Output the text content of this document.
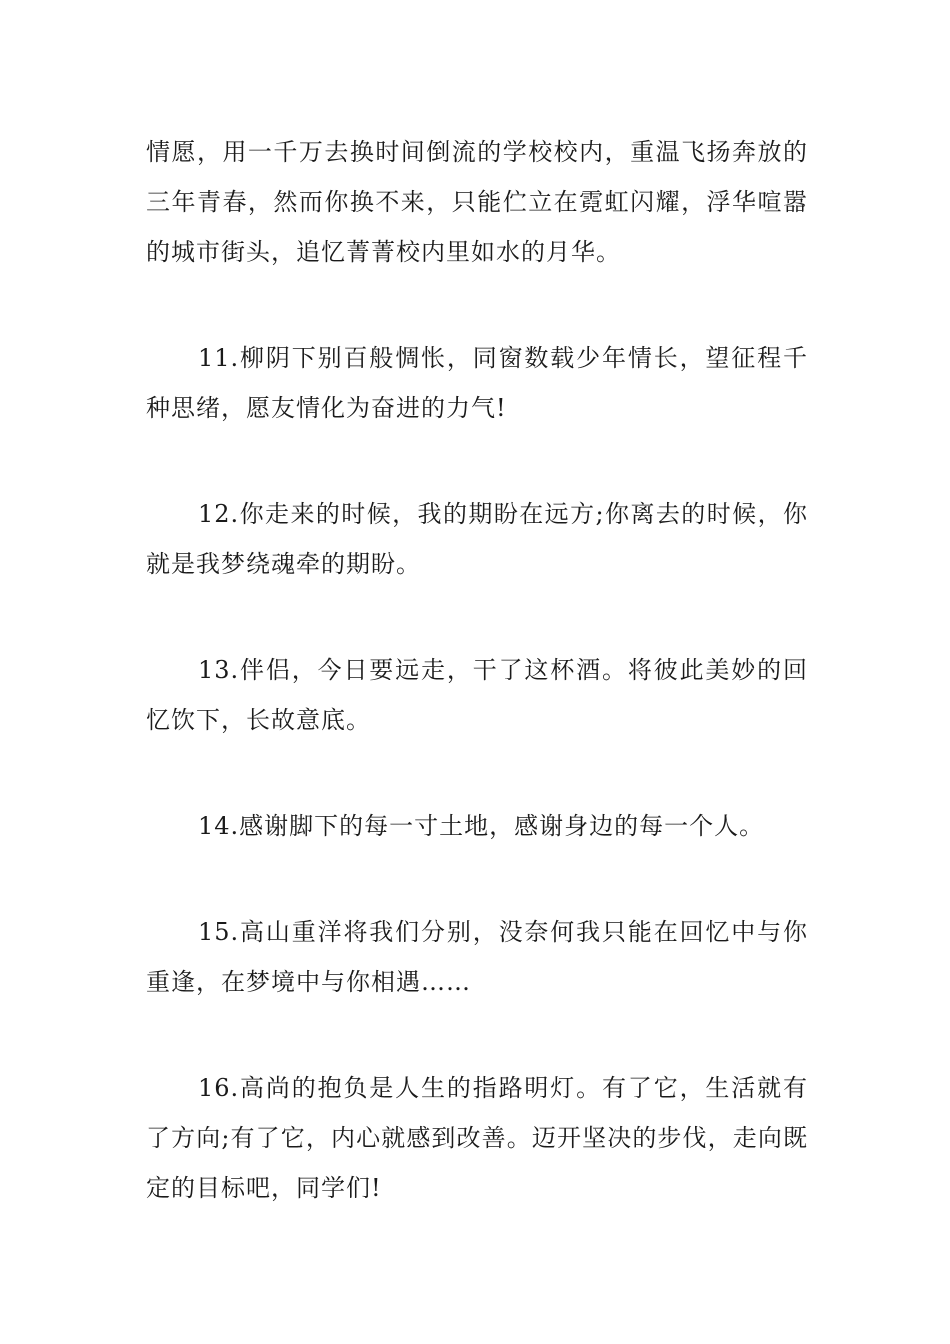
情愿，用一千万去换时间倒流的学校校内，重温飞扬奔放的三年青春，然而你换不来，只能伫立在霓虹闪耀，浮华喧嚣的城市街头，追忆菁菁校内里如水的月华。

11.柳阴下别百般惆怅，同窗数载少年情长，望征程千种思绪，愿友情化为奋进的力气!

12.你走来的时候，我的期盼在远方;你离去的时候，你就是我梦绕魂牵的期盼。

13.伴侣，今日要远走，干了这杯酒。将彼此美妙的回忆饮下，长故意底。

14.感谢脚下的每一寸土地，感谢身边的每一个人。

15.高山重洋将我们分别，没奈何我只能在回忆中与你重逢，在梦境中与你相遇……

16.高尚的抱负是人生的指路明灯。有了它，生活就有了方向;有了它，内心就感到改善。迈开坚决的步伐，走向既定的目标吧，同学们!
